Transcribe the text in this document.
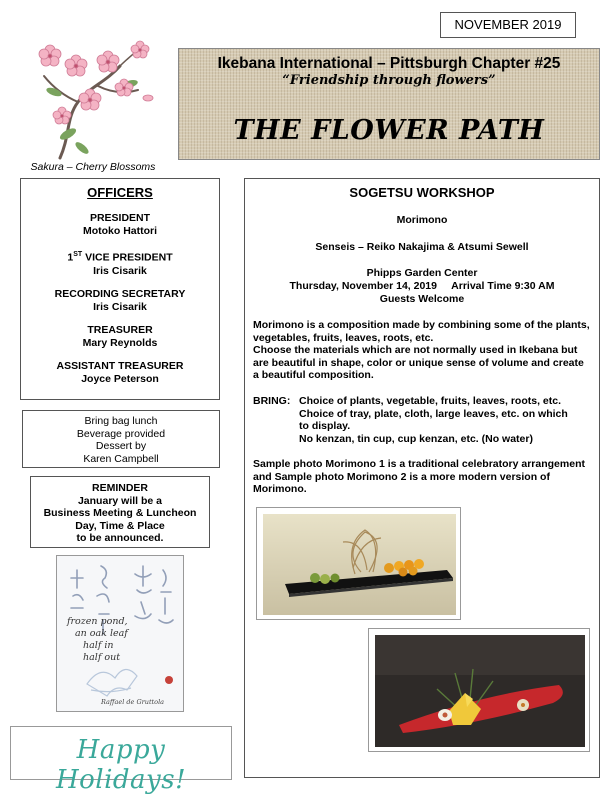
NOVEMBER 2019
Sakura – Cherry Blossoms
Ikebana International – Pittsburgh Chapter #25
“Friendship through flowers”
THE FLOWER PATH
OFFICERS
PRESIDENT
Motoko Hattori
1ST VICE PRESIDENT
Iris Cisarik
RECORDING SECRETARY
Iris Cisarik
TREASURER
Mary Reynolds
ASSISTANT TREASURER
Joyce Peterson
Bring bag lunch
Beverage provided
Dessert by
Karen Campbell
REMINDER
January will be a
Business Meeting & Luncheon
Day, Time & Place
to be announced.
frozen pond,
an oak leaf
half in
half out
Raffael de Gruttola
Happy Holidays!
SOGETSU WORKSHOP
Morimono
Senseis – Reiko Nakajima & Atsumi Sewell
Phipps Garden Center
Thursday, November 14, 2019     Arrival Time 9:30 AM
Guests Welcome

Morimono is a composition made by combining some of the plants, vegetables, fruits, leaves, roots, etc.

Choose the materials which are not normally used in Ikebana but are beautiful in shape, color or unique sense of volume and create a beautiful composition.

BRING: Choice of plants, vegetable, fruits, leaves, roots, etc.
Choice of tray, plate, cloth, large leaves, etc. on which to display.
No kenzan, tin cup, cup kenzan, etc. (No water)

Sample photo Morimono 1 is a traditional celebratory arrangement and Sample photo Morimono 2 is a more modern version of Morimono.
